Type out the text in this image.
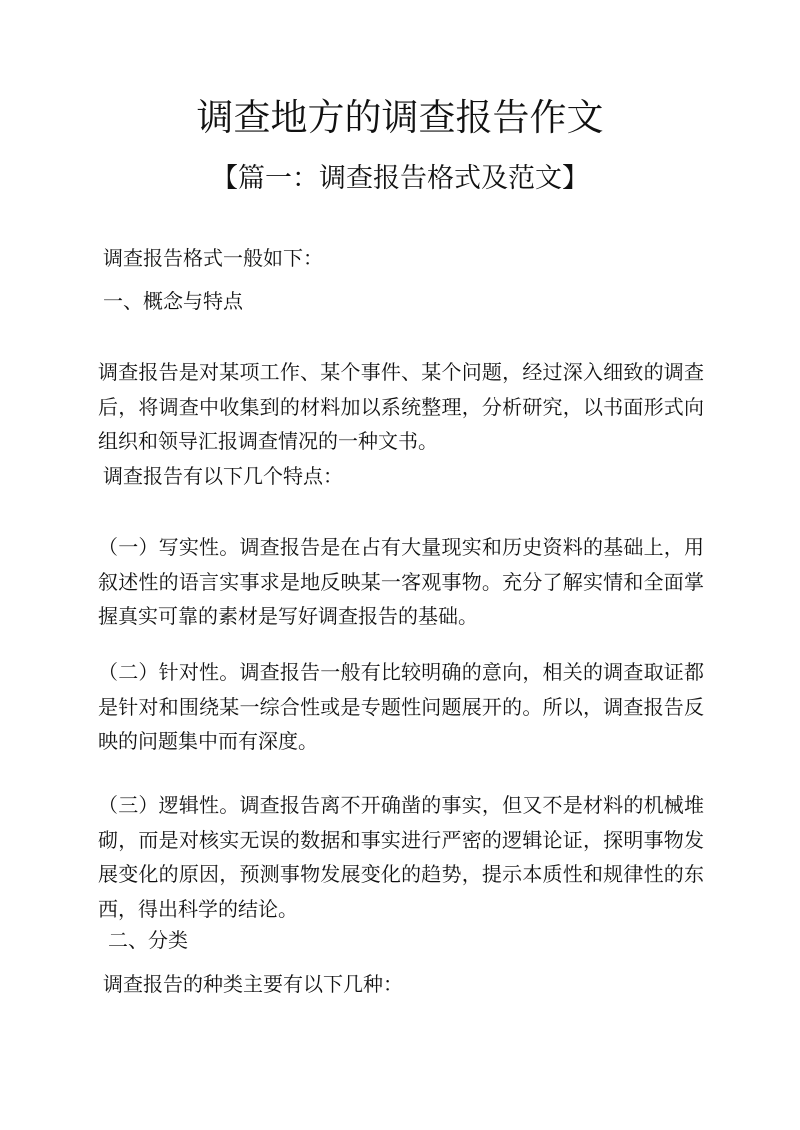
调查地方的调查报告作文
【篇一：调查报告格式及范文】
调查报告格式一般如下：
一、概念与特点

调查报告是对某项工作、某个事件、某个问题，经过深入细致的调查后，将调查中收集到的材料加以系统整理，分析研究，以书面形式向组织和领导汇报调查情况的一种文书。

调查报告有以下几个特点：

（一）写实性。调查报告是在占有大量现实和历史资料的基础上，用叙述性的语言实事求是地反映某一客观事物。充分了解实情和全面掌握真实可靠的素材是写好调查报告的基础。

（二）针对性。调查报告一般有比较明确的意向，相关的调查取证都是针对和围绕某一综合性或是专题性问题展开的。所以，调查报告反映的问题集中而有深度。

（三）逻辑性。调查报告离不开确凿的事实，但又不是材料的机械堆砌，而是对核实无误的数据和事实进行严密的逻辑论证，探明事物发展变化的原因，预测事物发展变化的趋势，提示本质性和规律性的东西，得出科学的结论。

二、分类
调查报告的种类主要有以下几种：
